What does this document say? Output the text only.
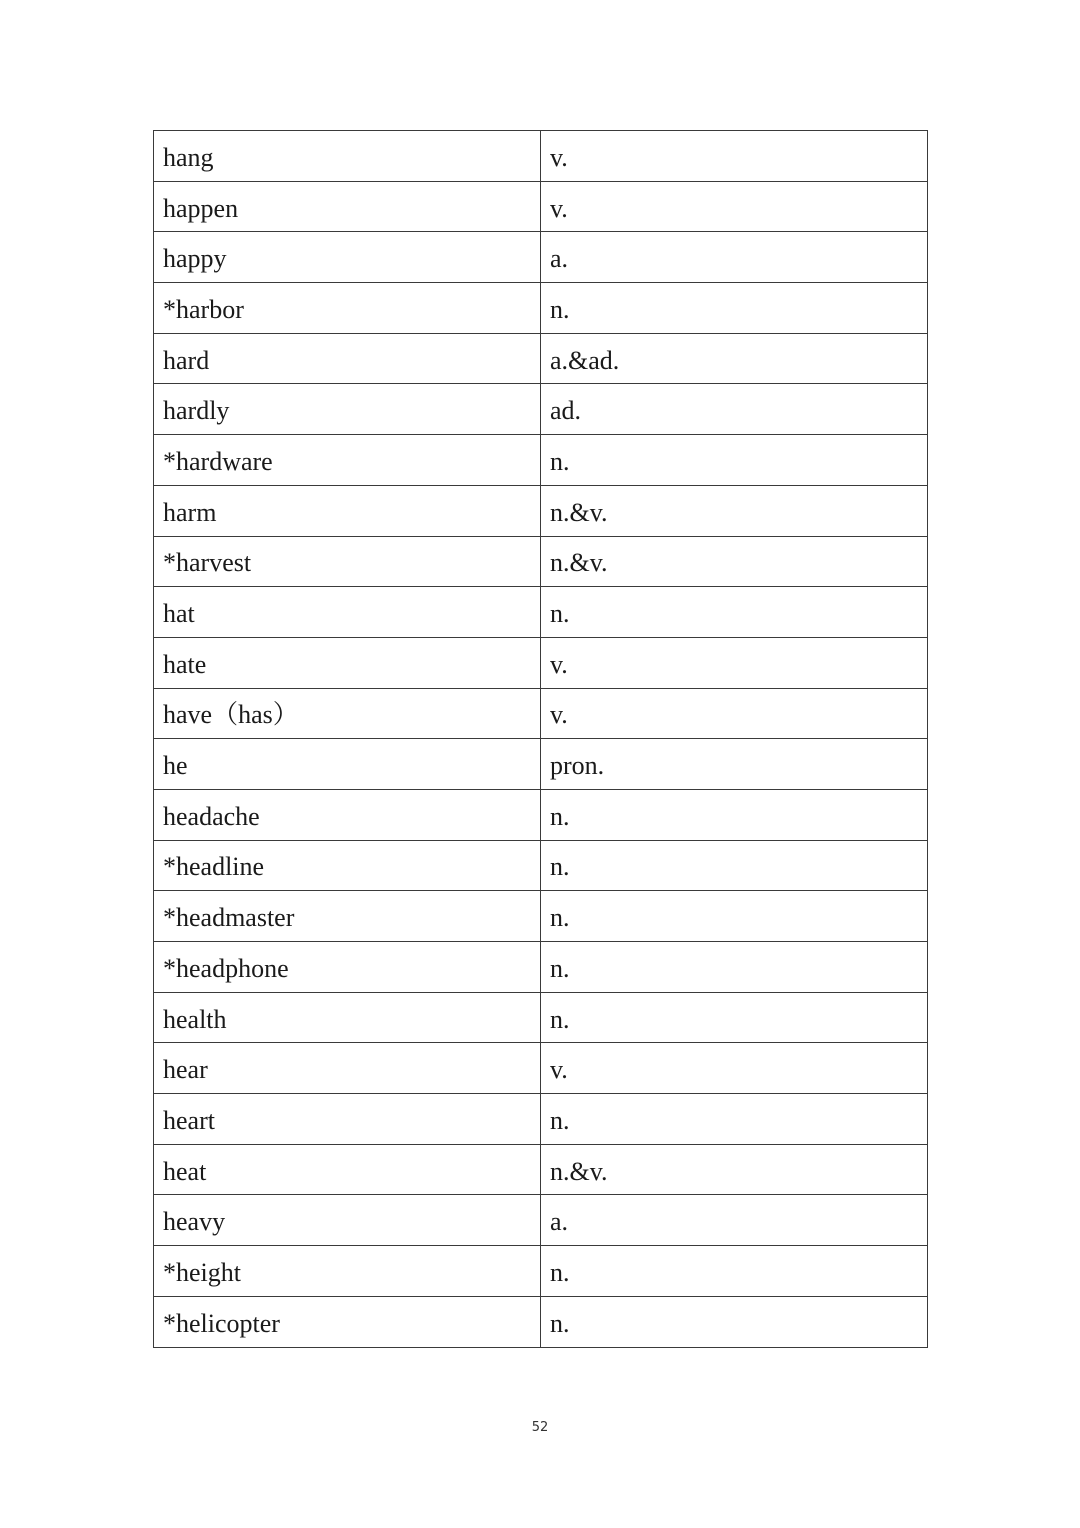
hang	v.
happen	v.
happy	a.
*harbor	n.
hard	a.&ad.
hardly	ad.
*hardware	n.
harm	n.&v.
*harvest	n.&v.
hat	n.
hate	v.
have（has）	v.
he	pron.
headache	n.
*headline	n.
*headmaster	n.
*headphone	n.
health	n.
hear	v.
heart	n.
heat	n.&v.
heavy	a.
*height	n.
*helicopter	n.
52
